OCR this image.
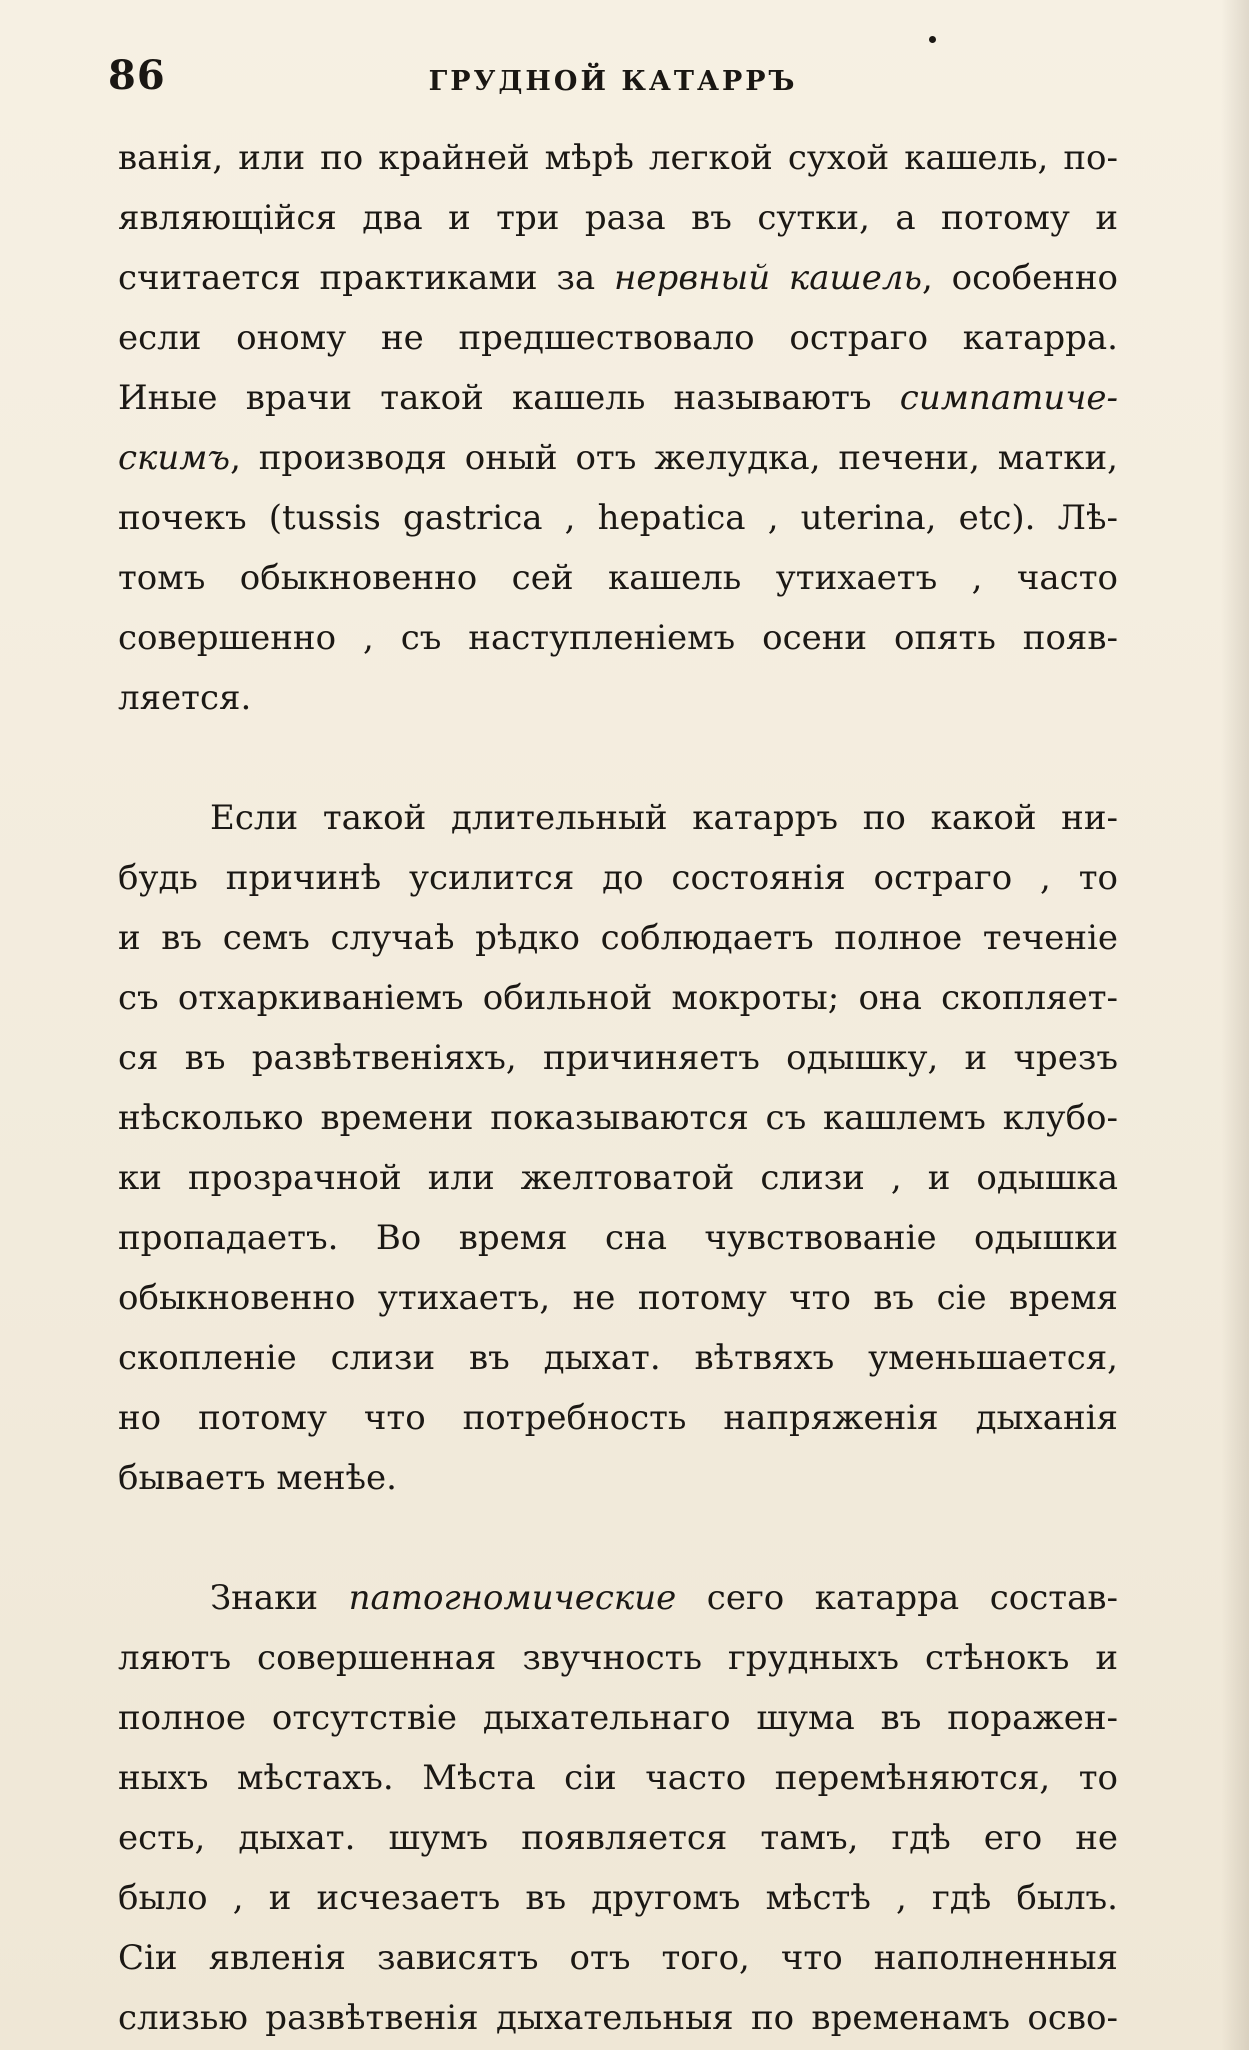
86	ГРУДНОЙ КАТАРРЪ
ванія, или по крайней мѣрѣ легкой сухой кашель, по-
являющійся два и три раза въ сутки, а потому и
считается практиками за нервный кашель, особенно
если оному не предшествовало остраго катарра.
Иные врачи такой кашель называютъ симпатиче-
скимъ, производя оный отъ желудка, печени, матки,
почекъ (tussis gastrica , hepatica , uterina, etc). Лѣ-
томъ обыкновенно сей кашель утихаетъ , часто
совершенно , съ наступленіемъ осени опять появ-
ляется.
Если такой длительный катарръ по какой ни-
будь причинѣ усилится до состоянія остраго , то
и въ семъ случаѣ рѣдко соблюдаетъ полное теченіе
съ отхаркиваніемъ обильной мокроты; она скопляет-
ся въ развѣтвеніяхъ, причиняетъ одышку, и чрезъ
нѣсколько времени показываются съ кашлемъ клубо-
ки прозрачной или желтоватой слизи , и одышка
пропадаетъ. Во время сна чувствованіе одышки
обыкновенно утихаетъ, не потому что въ сіе время
скопленіе слизи въ дыхат. вѣтвяхъ уменьшается,
но потому что потребность напряженія дыханія
бываетъ менѣе.
Знаки патогномические сего катарра состав-
ляютъ совершенная звучность грудныхъ стѣнокъ и
полное отсутствіе дыхательнаго шума въ поражен-
ныхъ мѣстахъ. Мѣста сіи часто перемѣняются, то
есть, дыхат. шумъ появляется тамъ, гдѣ его не
было , и исчезаетъ въ другомъ мѣстѣ , гдѣ былъ.
Сіи явленія зависятъ отъ того, что наполненныя
слизью развѣтвенія дыхательныя по временамъ осво-
